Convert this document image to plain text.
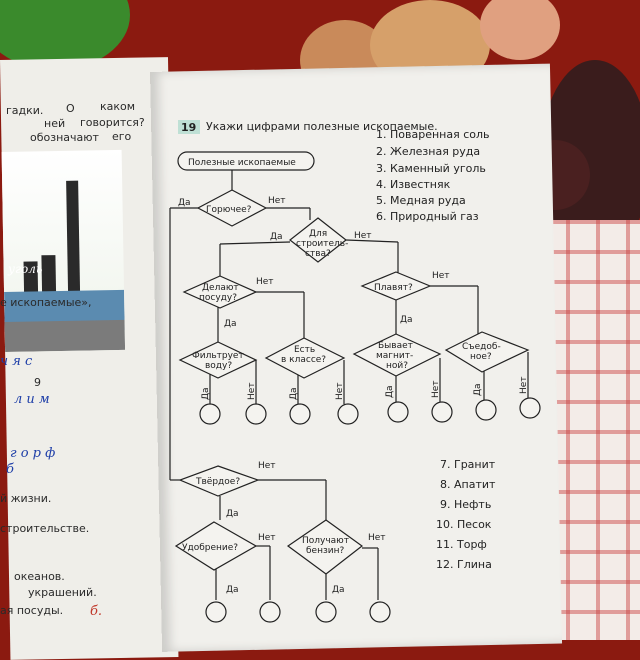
гадки. О каком
ней говорится?
обозначают его
е ископаемые»,
9
й жизни.
строительстве.
океанов.
украшений.
ая посуды.
уголь
ч я с
л и м
г о р ф
б
б.
19 Укажи цифрами полезные ископаемые.
Полезные ископаемые
Горючее?
Для
строитель-
ства?
Делают
посуду?
Плавят?
Фильтрует
воду?
Есть
в классе?
Бывает
магнит-
ной?
Съедоб-
ное?
Твёрдое?
Удобрение?
Получают
бензин?
Да	Нет
Да	Нет
Нет
Да
Нет
Да
Нет
Да
Нет	Нет
Да	Да
Да	Нет	Да	Нет	Да	Нет	Да	Нет
1. Поваренная соль
2. Железная руда
3. Каменный уголь
4. Известняк
5. Медная руда
6. Природный газ
7. Гранит
8. Апатит
9. Нефть
10. Песок
11. Торф
12. Глина
